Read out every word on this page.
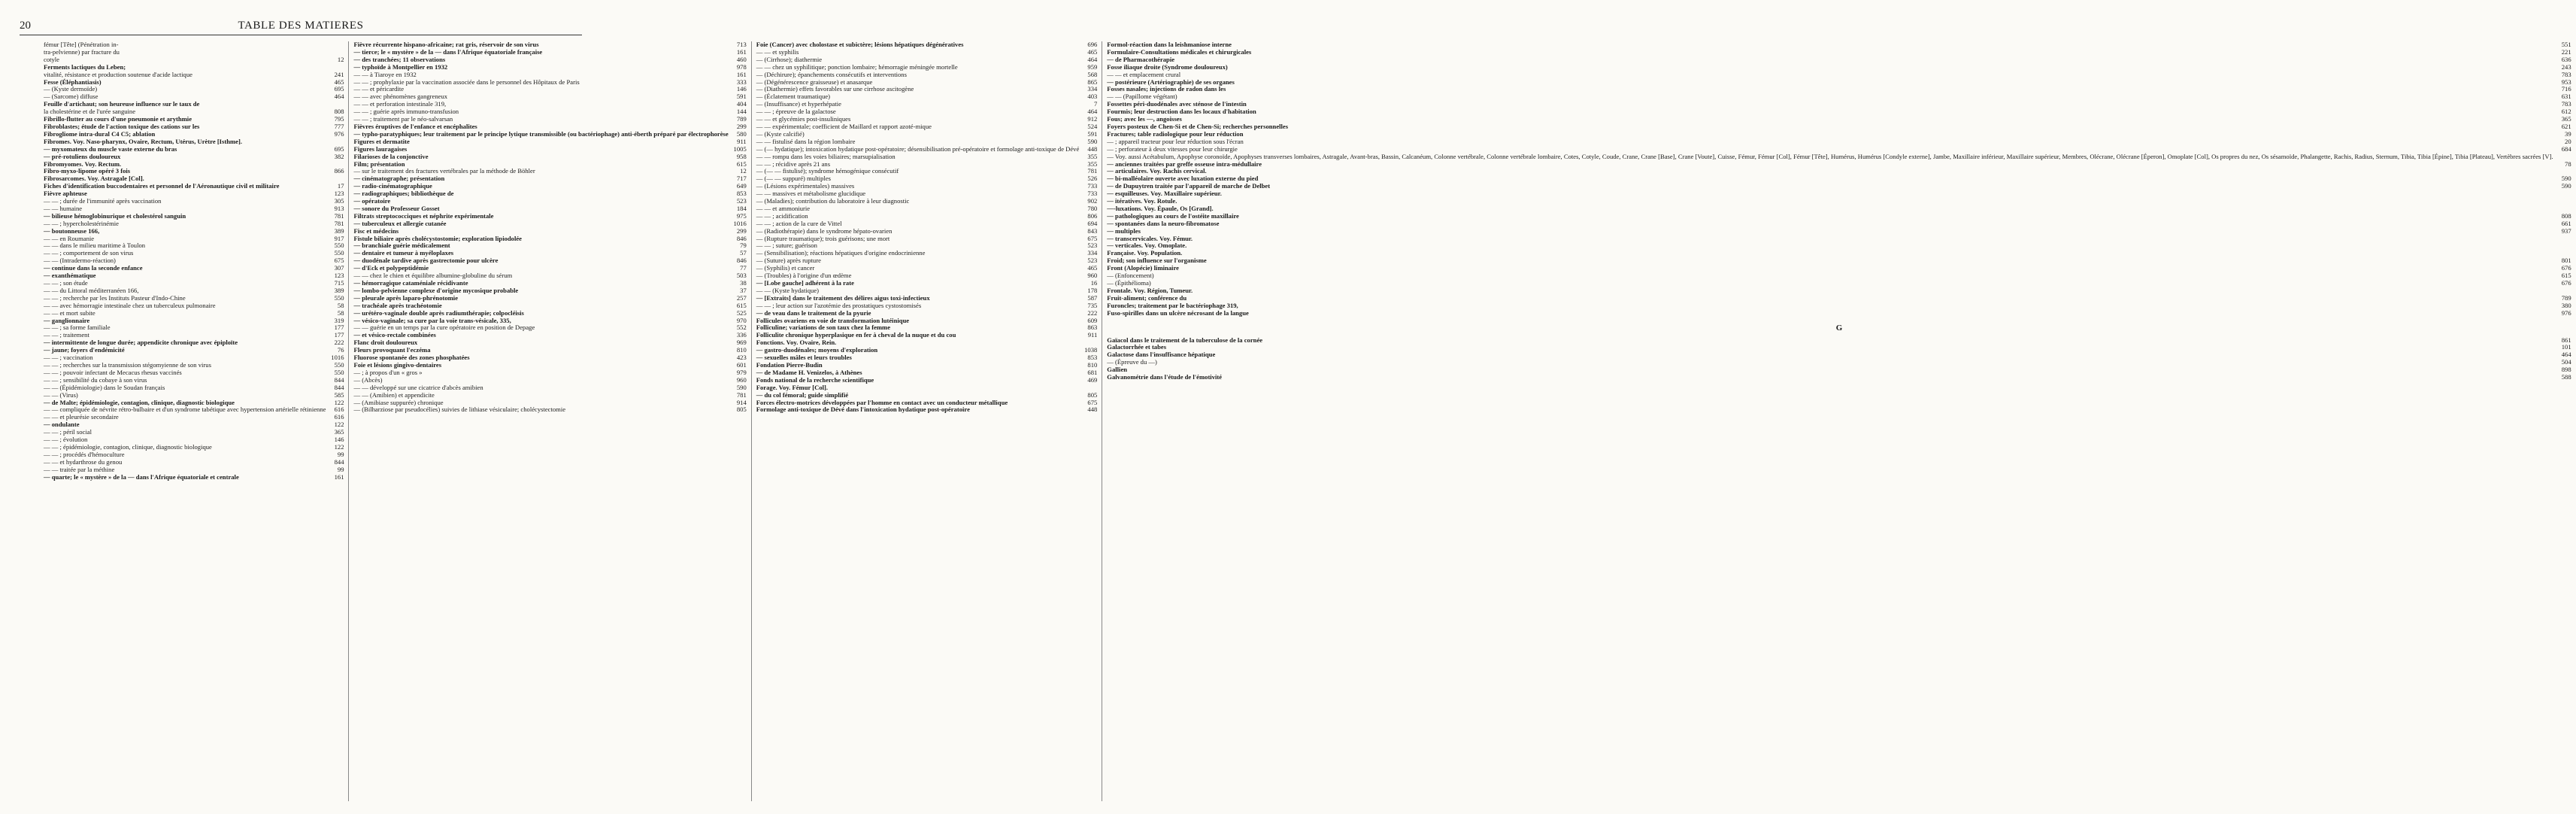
20	TABLE DES MATIERES
fémur [Tête] (Pénétration in-
tra-pelvienne) par fracture du
cotyle	12
Ferments lactiques du Leben;
vitalité, résistance et production soutenue d'acide lactique	241
Fesse (Éléphantiasis)	465
— (Kyste dermoïde)	695
— (Sarcome) diffuse	464
Feuille d'artichaut; son heureuse influence sur le taux de
la cholestérine et de l'urée sanguine	808
Fibrillo-flutter au cours d'une pneumonie et arythmie	795
Fibroblastes; étude de l'action toxique des cations sur les	777
Fibrogliome intra-dural C4 C5; ablation	976
Fibromes. Voy. Naso-pharynx, Ovaire, Rectum, Utérus, Urètre [Isthme].
— myxomateux du muscle vaste externe du bras	695
— pré-rotuliens douloureux	382
Fibromyomes. Voy. Rectum.
Fibro-myxo-lipome opéré 3 fois	866
Fibrosarcomes. Voy. Astragale [Col].
Fiches d'identification buccodentaires et personnel de l'Aéronautique civil et militaire	17
Fièvre aphteuse	123
— — ; durée de l'immunité après vaccination	305
— — humaine	913
— bilieuse hémoglobinurique et cholestérol sanguin	781
— — ; hypercholestérinémie	781
— boutonneuse 166,	389
— — en Roumanie	917
— — dans le milieu maritime à Toulon	550
— — ; comportement de son virus	550
— — (Intradermo-réaction)	675
— continue dans la seconde enfance	307
— exanthématique	123
— — ; son étude	715
— — du Littoral méditerranéen 166,	389
— — ; recherche par les Instituts Pasteur d'Indo-Chine	550
— — avec hémorragie intestinale chez un tuberculeux pulmonaire	58
— — et mort subite	58
— ganglionnaire	319
— — ; sa forme familiale	177
— — ; traitement	177
— intermittente de longue durée; appendicite chronique avec épiploïte	222
— jaune; foyers d'endémicité	76
— — ; vaccination	1016
— — ; recherches sur la transmission stégomyienne de son virus	550
— — ; pouvoir infectant de Mecacus rhesus vaccinés	550
— — ; sensibilité du cobaye à son virus	844
— — (Épidémiologie) dans le Soudan français	844
— — (Virus)	585
— de Malte; épidémiologie, contagion, clinique, diagnostic biologique	122
— — compliquée de névrite rétro-bulbaire et d'un syndrome tabétique avec hypertension artérielle rétinienne	616
— — et pleurésie secondaire	616
— ondulante	122
— — ; péril social	365
— — ; évolution	146
— — ; épidémiologie, contagion, clinique, diagnostic biologique	122
— — ; procédés d'hémoculture	99
— — et hydarthrose du genou	844
— — traitée par la méthine	99
— quarte; le « mystère » de la — dans l'Afrique équatoriale et centrale	161
Fièvre récurrente hispano-africaine; rat gris, réservoir de son virus	713
— tierce; le « mystère » de la — dans l'Afrique équatoriale française	161
— des tranchées; 11 observations	460
— typhoïde à Montpellier en 1932	978
— — à Tiaroye en 1932	161
— — ; prophylaxie par la vaccination associée dans le personnel des Hôpitaux de Paris	333
— — et péricardite	146
— — avec phénomènes gangreneux	591
— — et perforation intestinale 319,	404
— — ; guérie après immuno-transfusion	144
— — ; traitement par le néo-salvarsan	789
Fièvres éruptives de l'enfance et encéphalites	299
— typho-paratyphiques; leur traitement par le principe lytique transmissible (ou bactériophage) anti-éberth préparé par électrophorèse	580
Figures et dermatite	911
Figures lauragaises	1005
Filarioses de la conjonctive	958
Film; présentation	615
— sur le traitement des fractures vertébrales par la méthode de Böhler	12
— cinématographe; présentation	717
— radio-cinématographique	649
— radiographiques; bibliothèque de	853
— opératoire	523
— sonore du Professeur Gosset	184
Filtrats streptococciques et néphrite expérimentale	975
— tuberculeux et allergie cutanée	1016
Fisc et médecins	299
Fistule biliaire après cholécystostomie; exploration lipiodolée	846
— branchiale guérie médicalement	79
— dentaire et tumeur à myéloplaxes	57
— duodénale tardive après gastrectomie pour ulcère	846
— d'Eck et polypeptidémie	77
— — chez le chien et équilibre albumine-globuline du sérum	503
— hémorragique cataméniale récidivante	38
— lombo-pelvienne complexe d'origine mycosique probable	37
— pleurale après laparo-phrénotomie	257
— trachéale après trachéotomie	615
— urétéro-vaginale double après radiumthérapie; colpocléisis	525
— vésico-vaginale; sa cure par la voie trans-vésicale, 335,	970
— — guérie en un temps par la cure opératoire en position de Depage	552
— et vésico-rectale combinées	336
Flanc droit douloureux	969
Fleurs provoquant l'eczéma	810
Fluorose spontanée des zones phosphatées	423
Foie et lésions gingivo-dentaires	601
— ; à propos d'un « gros »	979
— (Abcès)	960
— — développé sur une cicatrice d'abcès amibien	590
— — (Amibien) et appendicite	781
— (Amibiase suppurée) chronique	914
— (Bilharziose par pseudocélies) suivies de lithiase vésiculaire; cholécystectomie	805
Foie (Cancer) avec cholostase et subictère; lésions hépatiques dégénératives	696
— — et syphilis	465
— (Cirrhose); diathermie	464
— — chez un syphilitique; ponction lombaire; hémorragie méningée mortelle	959
— (Déchirure); épanchements consécutifs et interventions	568
— (Dégénérescence graisseuse) et anasarque	865
— (Diathermie) effets favorables sur une cirrhose ascitogène	334
— (Éclatement traumatique)	403
— (Insuffisance) et hyperhépatie	7
— — ; épreuve de la galactose	464
— — et glycémies post-insuliniques	912
— — expérimentale; coefficient de Maillard et rapport azoté-mique	524
— (Kyste calcifié)	591
— — fistulisé dans la région lombaire	590
— (— hydatique); intoxication hydatique post-opératoire; désensibilisation pré-opératoire et formolage anti-toxique de Dévé	448
— — rompu dans les voies biliaires; marsupialisation	355
— — ; récidive après 21 ans	355
— (— — fistulisé); syndrome hémogénique consécutif	781
— (— — suppuré) multiples	526
— (Lésions expérimentales) massives	733
— — massives et métabolisme glucidique	733
— (Maladies); contribution du laboratoire à leur diagnostic	902
— — et ammoniurie	780
— — ; acidification	806
— — ; action de la cure de Vittel	694
— (Radiothérapie) dans le syndrome hépato-ovarien	843
— (Rupture traumatique); trois guérisons; une mort	675
— — ; suture; guérison	523
— (Sensibilisation); réactions hépatiques d'origine endocrinienne	334
— (Suture) après rupture	523
— (Syphilis) et cancer	465
— (Troubles) à l'origine d'un œdème	960
— [Lobe gauche] adhérent à la rate	16
— — (Kyste hydatique)	178
— [Extraits] dans le traitement des délires aigus toxi-infectieux	587
— — ; leur action sur l'azotémie des prostatiques cystostomisés	735
— de veau dans le traitement de la pyurie	222
Follicules ovariens en voie de transformation lutéinique	609
Folliculine; variations de son taux chez la femme	863
Folliculite chronique hyperplasique en fer à cheval de la nuque et du cou	911
Fonctions. Voy. Ovaire, Rein.
— gastro-duodénales; moyens d'exploration	1038
— sexuelles mâles et leurs troubles	853
Fondation Pierre-Budin	810
— de Madame H. Venizelos, à Athènes	681
Fonds national de la recherche scientifique	469
Forage. Voy. Fémur [Col].
— du col fémoral; guide simplifié	805
Forces électro-motrices développées par l'homme en contact avec un conducteur métallique	675
Formolage anti-toxique de Dévé dans l'intoxication hydatique post-opératoire	448
Formol-réaction dans la leishmaniose interne	551
Formulaire-Consultations médicales et chirurgicales	221
— de Pharmacothérapie	636
Fosse iliaque droite (Syndrome douloureux)	243
— — et emplacement crural	783
— postérieure (Artériographie) de ses organes	953
Fosses nasales; injections de radon dans les	716
— — (Papillome végétant)	631
Fossettes péri-duodénales avec sténose de l'intestin	783
Fourmis; leur destruction dans les locaux d'habitation	612
Fous; avec les —, angoisses	365
Foyers posteux de Chen-Si et de Chen-Si; recherches personnelles	621
Fractures; table radiologique pour leur réduction	39
— ; appareil tracteur pour leur réduction sous l'écran	20
— ; perforateur à deux vitesses pour leur chirurgie	684
— Voy. aussi Acétabulum, Apophyse coronoïde, Apophyses transverses lombaires, Astragale, Avant-bras, Bassin, Calcanéum, Colonne vertébrale, Colonne vertébrale lombaire, Cotes, Cotyle, Coude, Crane, Crane [Base], Crane [Voute], Cuisse, Fémur, Fémur [Col], Fémur [Tête], Humérus, Humérus [Condyle externe], Jambe, Maxillaire inférieur, Maxillaire supérieur, Membres, Olécrane, Olécrane [Éperon], Omoplate [Col], Os propres du nez, Os sésamoïde, Phalangette, Rachis, Radius, Sternum, Tibia, Tibia [Épine], Tibia [Plateau], Vertèbres sacrées [V].
— anciennes traitées par greffe osseuse intra-médullaire	78
— articulaires. Voy. Rachis cervical.
— bi-malléolaire ouverte avec luxation externe du pied	590
— de Dupuytren traitée par l'appareil de marche de Delbet	590
— esquilleuses. Voy. Maxillaire supérieur.
— itératives. Voy. Rotule.
—-luxations. Voy. Épaule, Os [Grand].
— pathologiques au cours de l'ostéite maxillaire	808
— spontanées dans la neuro-fibromatose	661
— multiples	937
— transcervicales. Voy. Fémur.
— verticales. Voy. Omoplate.
Française. Voy. Population.
Froid; son influence sur l'organisme	801
Front (Alopécie) liminaire	676
— (Enfoncement)	615
— (Épithélioma)	676
Frontale. Voy. Région, Tumeur.
Fruit-aliment; conférence du	789
Furoncles; traitement par le bactériophage 319,	380
Fuso-spirilles dans un ulcère nécrosant de la langue	976
G
Gaïacol dans le traitement de la tuberculose de la cornée	861
Galactorrhée et tabes	101
Galactose dans l'insuffisance hépatique	464
— (Épreuve du —)	504
Gallien	898
Galvanométrie dans l'étude de l'émotivité	588
